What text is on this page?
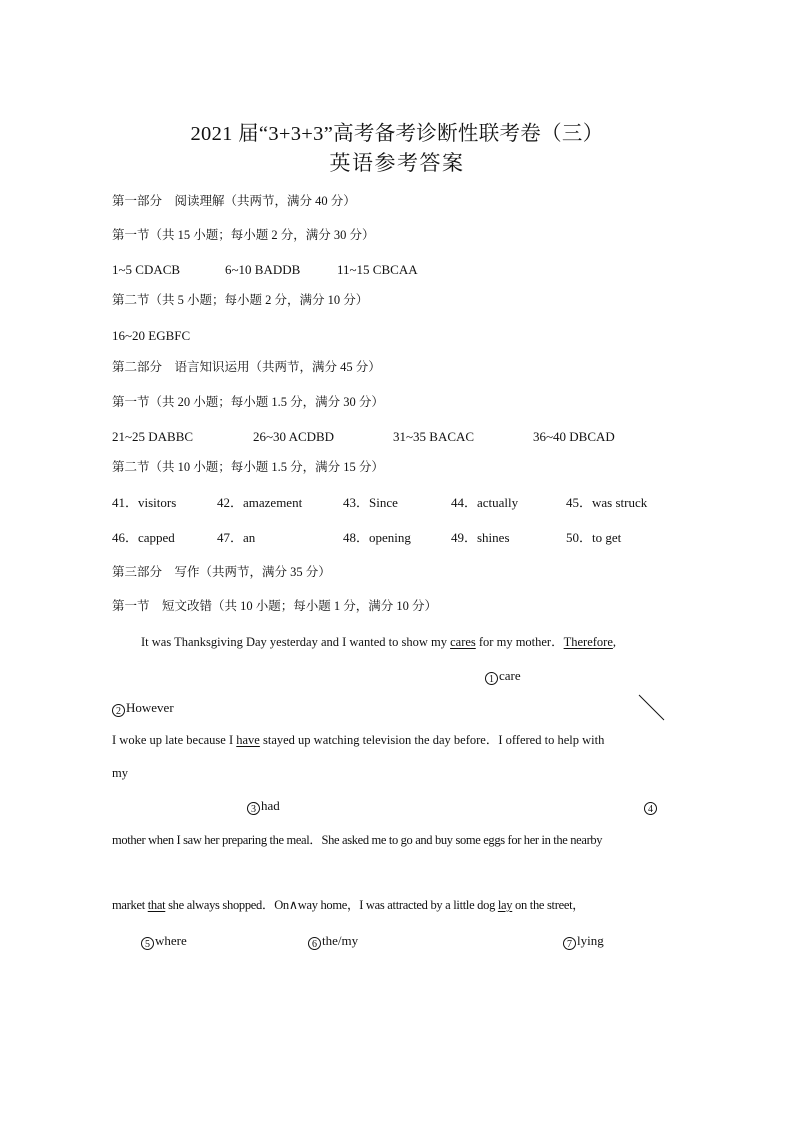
2021 届“3+3+3”高考备考诊断性联考卷（三）
英语参考答案
第一部分　阅读理解（共两节，满分 40 分）
第一节（共 15 小题；每小题 2 分，满分 30 分）
1~5 CDACB	6~10 BADDB	11~15 CBCAA
第二节（共 5 小题；每小题 2 分，满分 10 分）
16~20 EGBFC
第二部分　语言知识运用（共两节，满分 45 分）
第一节（共 20 小题；每小题 1.5 分，满分 30 分）
21~25 DABBC	26~30 ACDBD	31~35 BACAC	36~40 DBCAD
第二节（共 10 小题；每小题 1.5 分，满分 15 分）
41．visitors	42．amazement	43．Since	44．actually	45．was struck
46．capped	47．an	48．opening	49．shines	50．to get
第三部分　写作（共两节，满分 35 分）
第一节　短文改错（共 10 小题；每小题 1 分，满分 10 分）
It was Thanksgiving Day yesterday and I wanted to show my cares for my mother．Therefore,
1 care
2 However
I woke up late because I have stayed up watching television the day before．I offered to help with
my
3 had	4
mother when I saw her preparing the meal．She asked me to go and buy some eggs for her in the nearby
market that she always shopped．On∧way home，I was attracted by a little dog lay on the street，
5 where	6 the/my	7 lying
